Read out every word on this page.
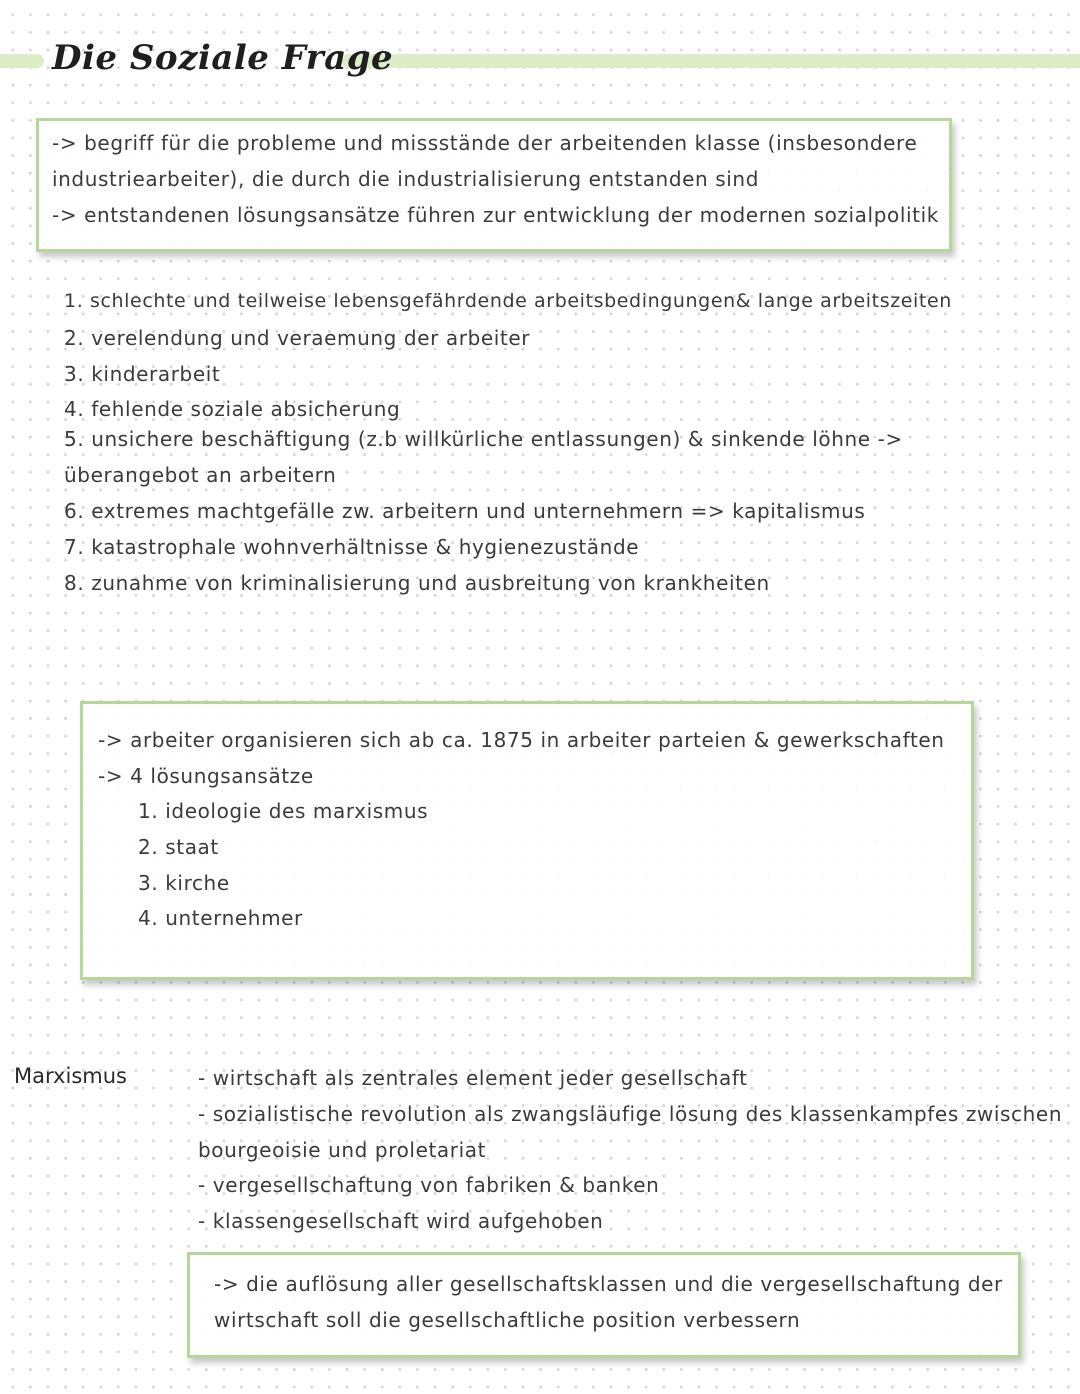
Die Soziale Frage
-> begriff für die probleme und missstände der arbeitenden klasse (insbesondere
industriearbeiter), die durch die industrialisierung entstanden sind
-> entstandenen lösungsansätze führen zur entwicklung der modernen sozialpolitik
1. schlechte und teilweise lebensgefährdende arbeitsbedingungen& lange arbeitszeiten
2. verelendung und veraemung der arbeiter
3. kinderarbeit
4. fehlende soziale absicherung
5. unsichere beschäftigung (z.b willkürliche entlassungen) & sinkende löhne ->
überangebot an arbeitern
6. extremes machtgefälle zw. arbeitern und unternehmern => kapitalismus
7. katastrophale wohnverhältnisse & hygienezustände
8. zunahme von kriminalisierung und ausbreitung von krankheiten
-> arbeiter organisieren sich ab ca. 1875 in arbeiter parteien & gewerkschaften
-> 4 lösungsansätze
1. ideologie des marxismus
2. staat
3. kirche
4. unternehmer
Marxismus	- wirtschaft als zentrales element jeder gesellschaft
- sozialistische revolution als zwangsläufige lösung des klassenkampfes zwischen
bourgeoisie und proletariat
- vergesellschaftung von fabriken & banken
- klassengesellschaft wird aufgehoben
-> die auflösung aller gesellschaftsklassen und die vergesellschaftung der
wirtschaft soll die gesellschaftliche position verbessern
